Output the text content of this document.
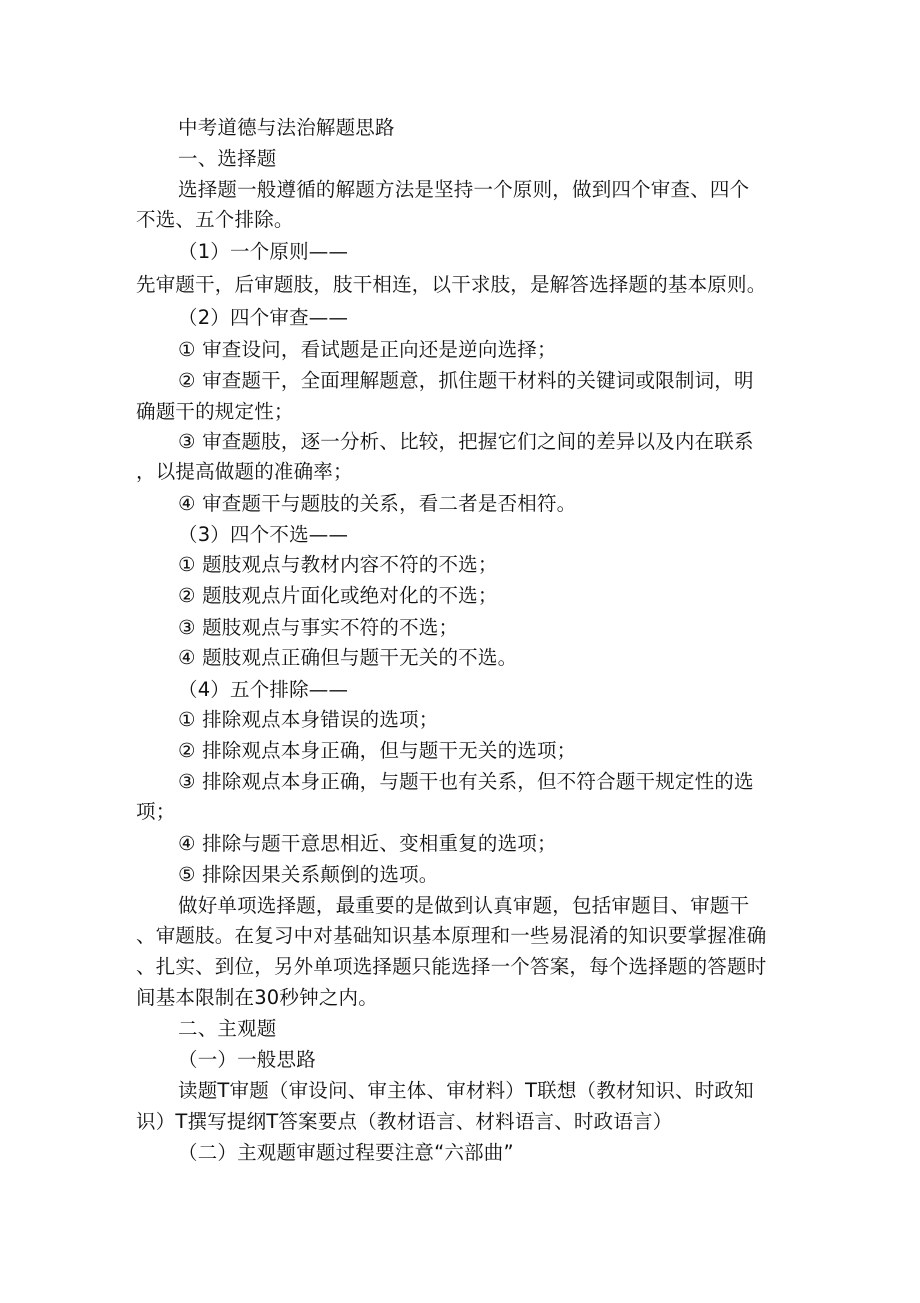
中考道德与法治解题思路
一、选择题
选择题一般遵循的解题方法是坚持一个原则，做到四个审查、四个
不选、五个排除。
（1）一个原则——
先审题干，后审题肢，肢干相连，以干求肢，是解答选择题的基本原则。
（2）四个审查——
① 审查设问，看试题是正向还是逆向选择；
② 审查题干，全面理解题意，抓住题干材料的关键词或限制词，明
确题干的规定性；
③ 审查题肢，逐一分析、比较，把握它们之间的差异以及内在联系
，以提高做题的准确率；
④ 审查题干与题肢的关系，看二者是否相符。
（3）四个不选——
① 题肢观点与教材内容不符的不选；
② 题肢观点片面化或绝对化的不选；
③ 题肢观点与事实不符的不选；
④ 题肢观点正确但与题干无关的不选。
（4）五个排除——
① 排除观点本身错误的选项；
② 排除观点本身正确，但与题干无关的选项；
③ 排除观点本身正确，与题干也有关系，但不符合题干规定性的选
项；
④ 排除与题干意思相近、变相重复的选项；
⑤ 排除因果关系颠倒的选项。
做好单项选择题，最重要的是做到认真审题，包括审题目、审题干
、审题肢。在复习中对基础知识基本原理和一些易混淆的知识要掌握准确
、扎实、到位，另外单项选择题只能选择一个答案，每个选择题的答题时
间基本限制在30秒钟之内。
二、主观题
（一）一般思路
读题T审题（审设问、审主体、审材料）T联想（教材知识、时政知
识）T撰写提纲T答案要点（教材语言、材料语言、时政语言）
（二）主观题审题过程要注意“六部曲”
